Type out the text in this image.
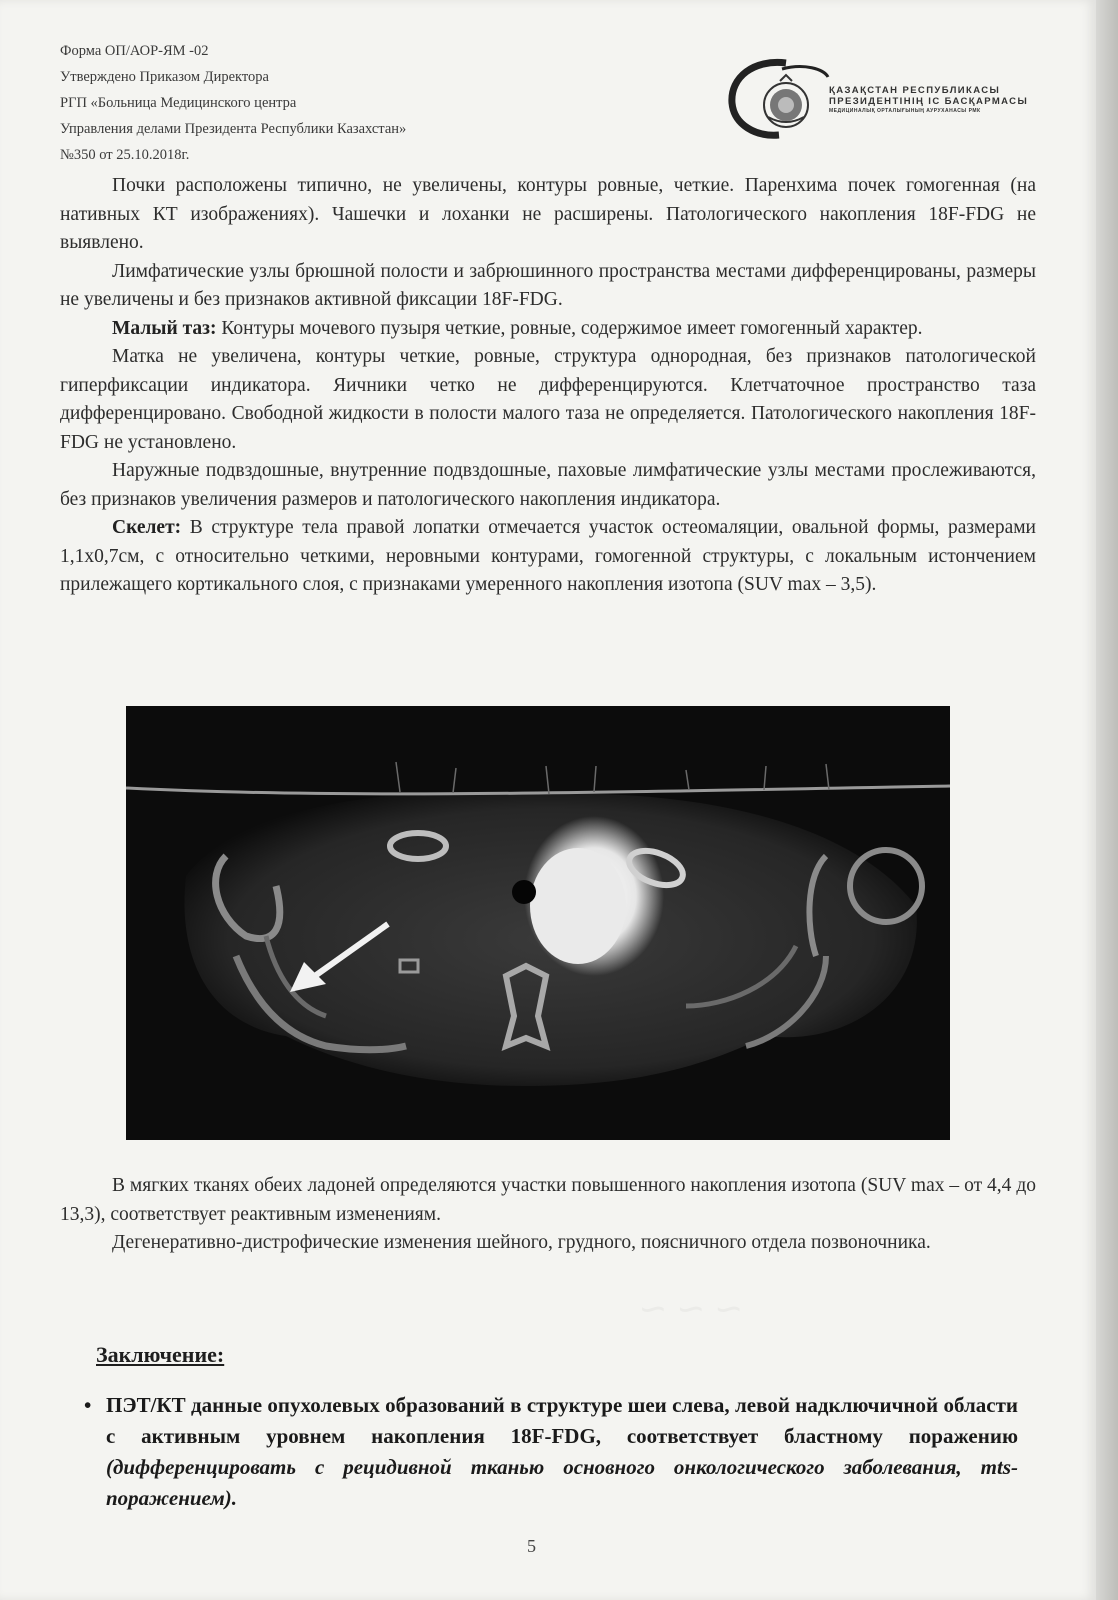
Форма ОП/АОР-ЯМ -02
Утверждено Приказом Директора
РГП «Больница Медицинского центра
Управления делами Президента Республики Казахстан»
№350 от 25.10.2018г.
ҚАЗАҚСТАН РЕСПУБЛИКАСЫ
ПРЕЗИДЕНТІНІҢ ІС БАСҚАРМАСЫ
МЕДИЦИНАЛЫҚ ОРТАЛЫҒЫНЫҢ АУРУХАНАСЫ РМК

Почки расположены типично, не увеличены, контуры ровные, четкие. Паренхима почек гомогенная (на нативных КТ изображениях). Чашечки и лоханки не расширены. Патологического накопления 18F-FDG не выявлено.

Лимфатические узлы брюшной полости и забрюшинного пространства местами дифференцированы, размеры не увеличены и без признаков активной фиксации 18F-FDG.

Малый таз: Контуры мочевого пузыря четкие, ровные, содержимое имеет гомогенный характер.

Матка не увеличена, контуры четкие, ровные, структура однородная, без признаков патологической гиперфиксации индикатора. Яичники четко не дифференцируются. Клетчаточное пространство таза дифференцировано. Свободной жидкости в полости малого таза не определяется. Патологического накопления 18F-FDG не установлено.

Наружные подвздошные, внутренние подвздошные, паховые лимфатические узлы местами прослеживаются, без признаков увеличения размеров и патологического накопления индикатора.

Скелет: В структуре тела правой лопатки отмечается участок остеомаляции, овальной формы, размерами 1,1х0,7см, с относительно четкими, неровными контурами, гомогенной структуры, с локальным истончением прилежащего кортикального слоя, с признаками умеренного накопления изотопа (SUV max – 3,5).

В мягких тканях обеих ладоней определяются участки повышенного накопления изотопа (SUV max – от 4,4 до 13,3), соответствует реактивным изменениям.

Дегенеративно-дистрофические изменения шейного, грудного, поясничного отдела позвоночника.

Заключение:
• ПЭТ/КТ данные опухолевых образований в структуре шеи слева, левой надключичной области с активным уровнем накопления 18F-FDG, соответствует бластному поражению (дифференцировать с рецидивной тканью основного онкологического заболевания, mts-поражением).
5
